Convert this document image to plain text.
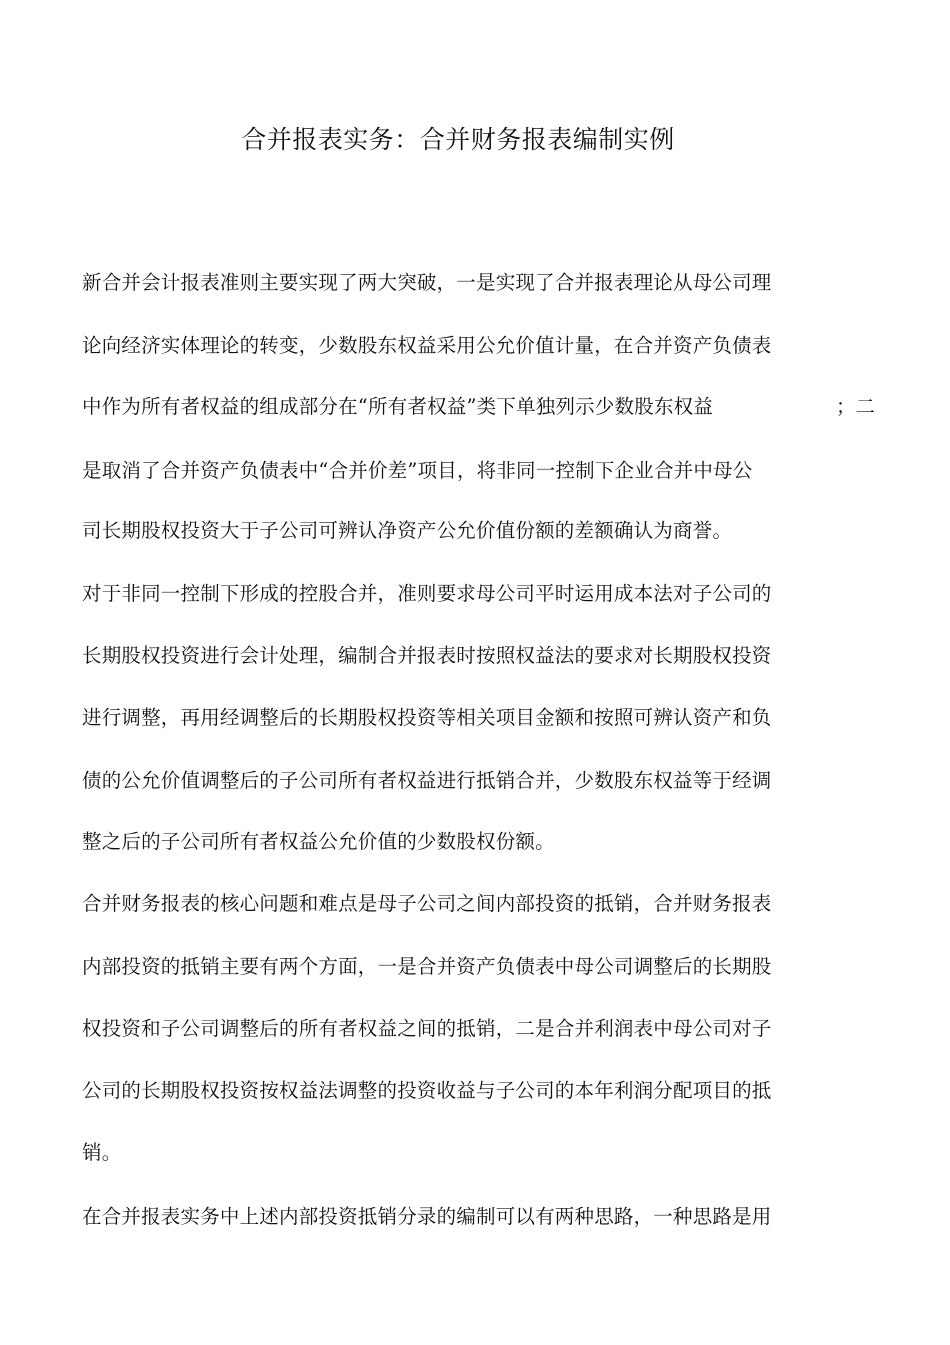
合并报表实务：合并财务报表编制实例
新合并会计报表准则主要实现了两大突破，一是实现了合并报表理论从母公司理
论向经济实体理论的转变，少数股东权益采用公允价值计量，在合并资产负债表
中作为所有者权益的组成部分在“所有者权益”类下单独列示少数股东权益	；二
是取消了合并资产负债表中“合并价差”项目，将非同一控制下企业合并中母公
司长期股权投资大于子公司可辨认净资产公允价值份额的差额确认为商誉。
对于非同一控制下形成的控股合并，准则要求母公司平时运用成本法对子公司的
长期股权投资进行会计处理，编制合并报表时按照权益法的要求对长期股权投资
进行调整，再用经调整后的长期股权投资等相关项目金额和按照可辨认资产和负
债的公允价值调整后的子公司所有者权益进行抵销合并，少数股东权益等于经调
整之后的子公司所有者权益公允价值的少数股权份额。
合并财务报表的核心问题和难点是母子公司之间内部投资的抵销，合并财务报表
内部投资的抵销主要有两个方面，一是合并资产负债表中母公司调整后的长期股
权投资和子公司调整后的所有者权益之间的抵销，二是合并利润表中母公司对子
公司的长期股权投资按权益法调整的投资收益与子公司的本年利润分配项目的抵
销。
在合并报表实务中上述内部投资抵销分录的编制可以有两种思路，一种思路是用
